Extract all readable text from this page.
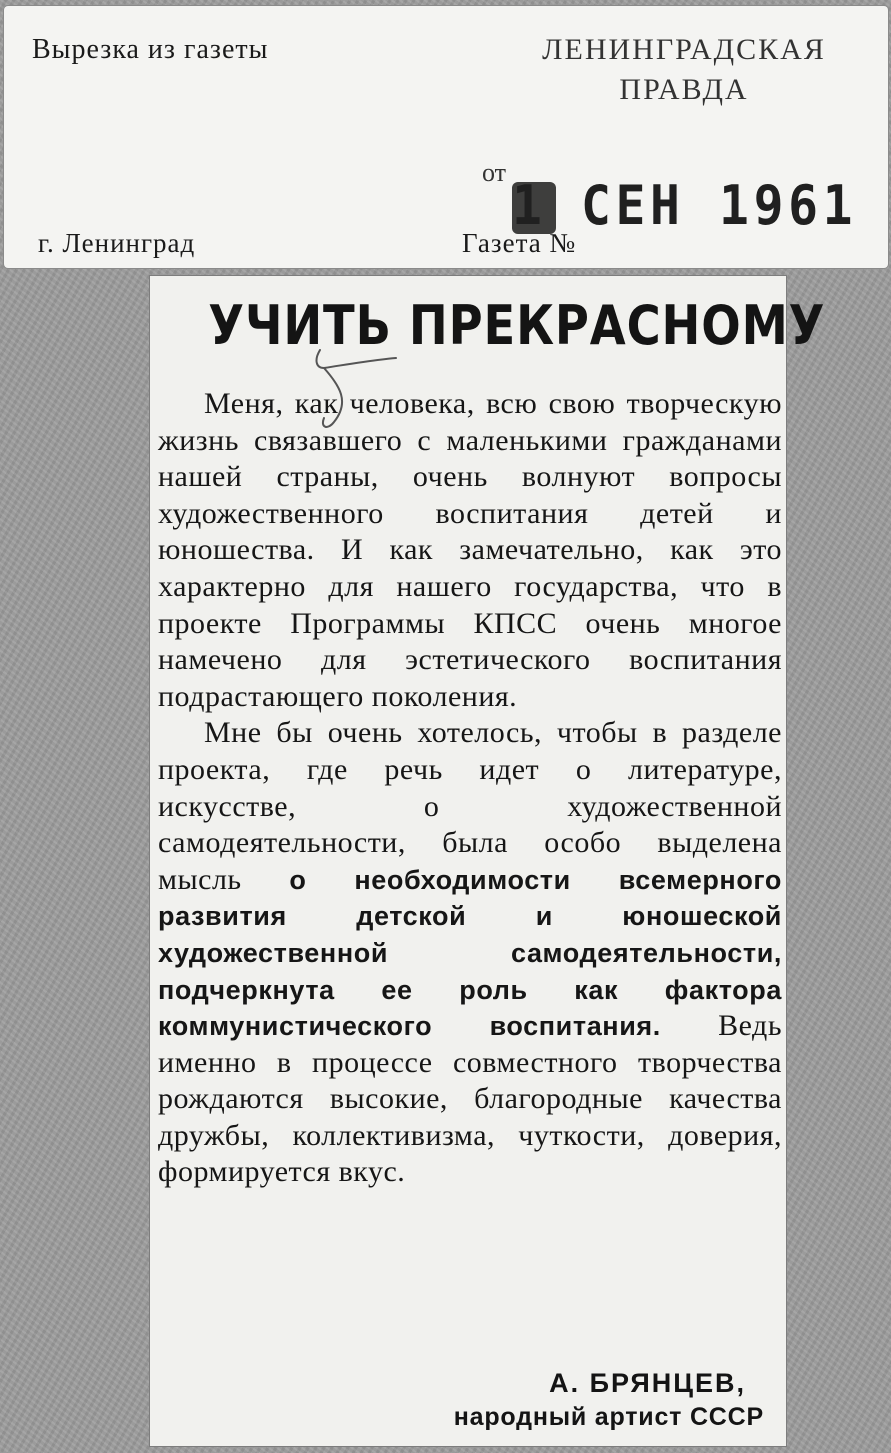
Вырезка из газеты	ЛЕНИНГРАДСКАЯ ПРАВДА
от
1 СЕН 1961
г. Ленинград	Газета №
УЧИТЬ ПРЕКРАСНОМУ

Меня, как человека, всю свою творческую жизнь связавшего с маленькими гражданами нашей страны, очень волнуют вопросы художественного воспитания детей и юношества. И как замечательно, как это характерно для нашего государства, что в проекте Программы КПСС очень многое намечено для эстетического воспитания подрастающего поколения.

Мне бы очень хотелось, чтобы в разделе проекта, где речь идет о литературе, искусстве, о художественной самодеятельности, была особо выделена мысль о необходимости всемерного развития детской и юношеской художественной самодеятельности, подчеркнута ее роль как фактора коммунистического воспитания. Ведь именно в процессе совместного творчества рождаются высокие, благородные качества дружбы, коллективизма, чуткости, доверия, формируется вкус.

А. БРЯНЦЕВ,
народный артист СССР
